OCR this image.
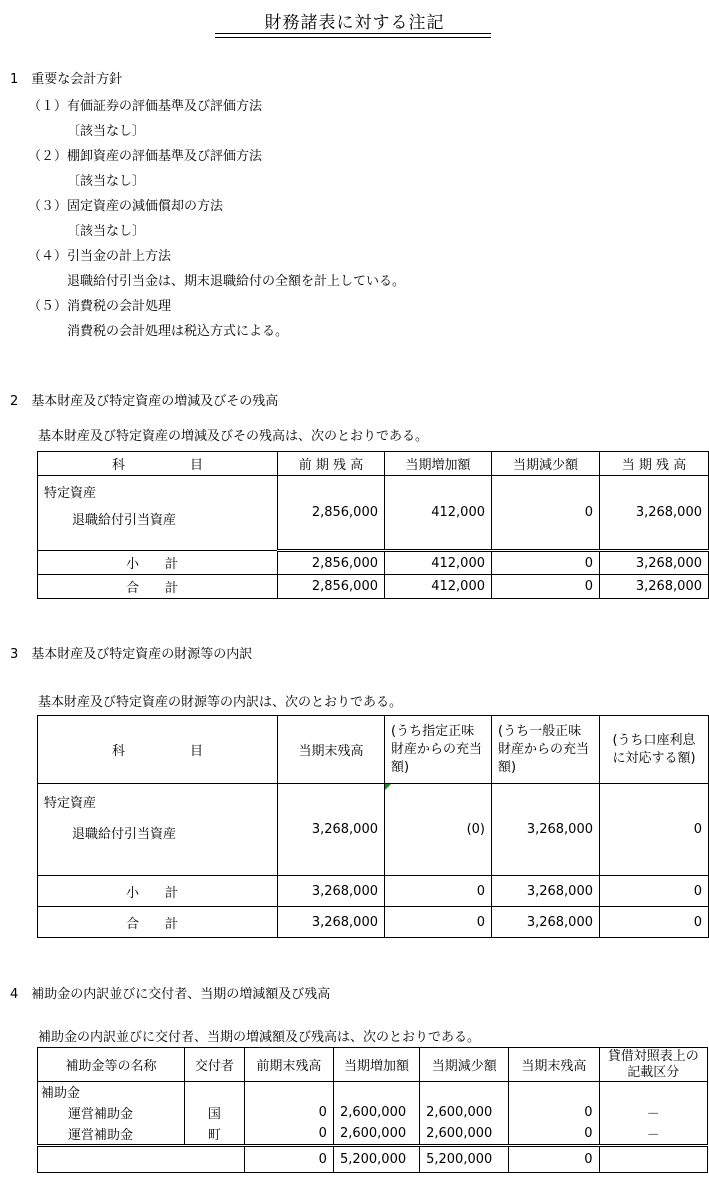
財務諸表に対する注記
1　重要な会計方針
（１）有価証券の評価基準及び評価方法
〔該当なし〕
（２）棚卸資産の評価基準及び評価方法
〔該当なし〕
（３）固定資産の減価償却の方法
〔該当なし〕
（４）引当金の計上方法
退職給付引当金は、期末退職給付の全額を計上している。
（５）消費税の会計処理
消費税の会計処理は税込方式による。
2　基本財産及び特定資産の増減及びその残高
基本財産及び特定資産の増減及びその残高は、次のとおりである。
科　　　　　目	前 期 残 高	当期増加額	当期減少額	当 期 残 高

特定資産
退職給付引当資産	2,856,000	412,000	0	3,268,000
小　　計	2,856,000	412,000	0	3,268,000
合　　計	2,856,000	412,000	0	3,268,000
3　基本財産及び特定資産の財源等の内訳
基本財産及び特定資産の財源等の内訳は、次のとおりである。
科　　　　　目	当期末残高	(うち指定正味財産からの充当額)	(うち一般正味財産からの充当額)	(うち口座利息に対応する額)

特定資産
退職給付引当資産	3,268,000	(0)	3,268,000	0
小　　計	3,268,000	0	3,268,000	0
合　　計	3,268,000	0	3,268,000	0
4　補助金の内訳並びに交付者、当期の増減額及び残高
補助金の内訳並びに交付者、当期の増減額及び残高は、次のとおりである。
補助金等の名称	交付者	前期末残高	当期増加額	当期減少額	当期末残高	貸借対照表上の記載区分
補助金						
運営補助金	国	0	2,600,000	2,600,000	0	－
運営補助金	町	0	2,600,000	2,600,000	0	－
		0	5,200,000	5,200,000	0	
